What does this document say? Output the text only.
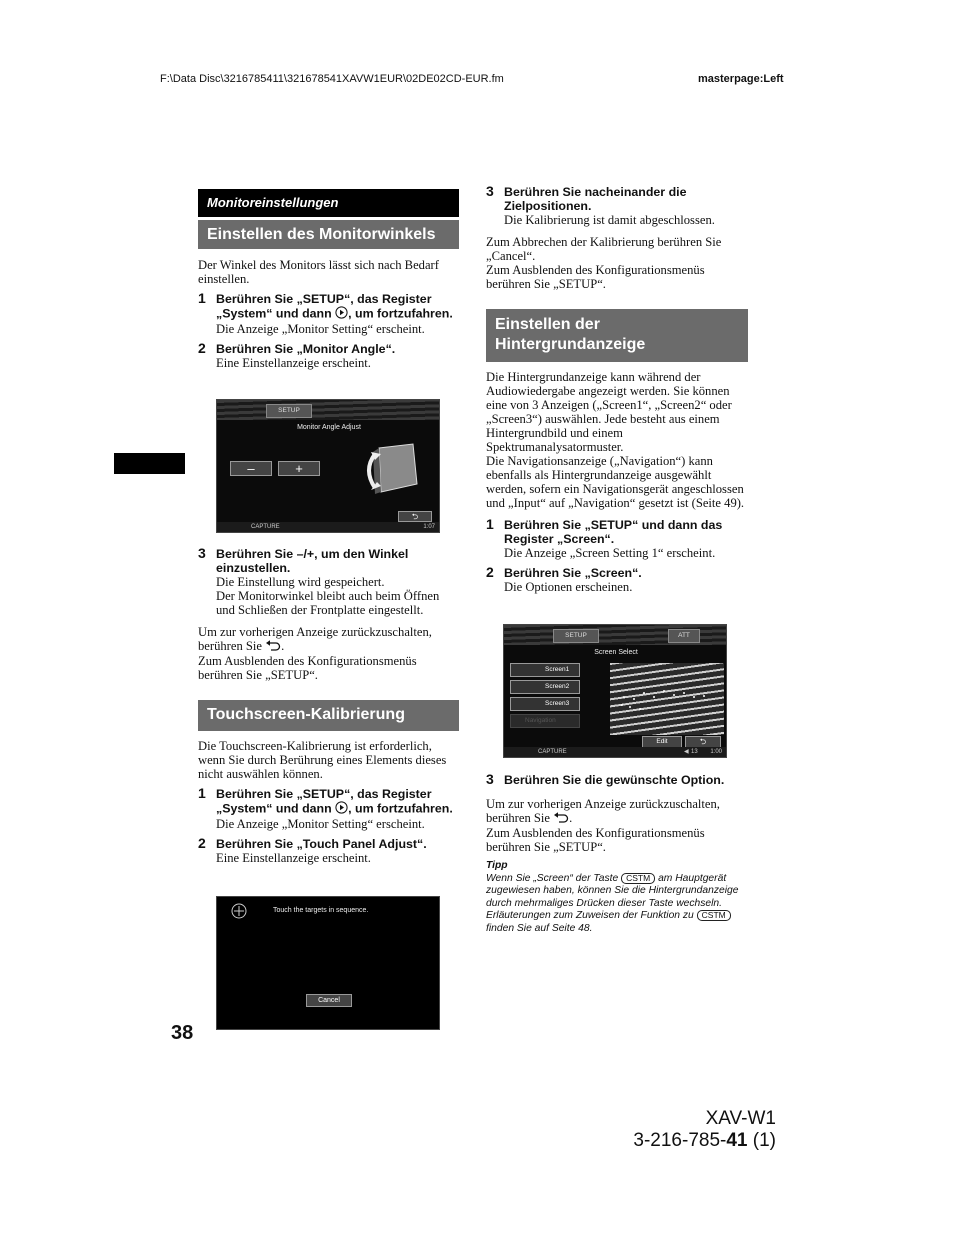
F:\Data Disc\3216785411\321678541XAVW1EUR\02DE02CD-EUR.fm	masterpage:Left
Monitoreinstellungen
Einstellen des Monitorwinkels
Der Winkel des Monitors lässt sich nach Bedarf einstellen.
1 Berühren Sie „SETUP“, das Register „System“ und dann , um fortzufahren.
Die Anzeige „Monitor Setting“ erscheint.
2 Berühren Sie „Monitor Angle“.
Eine Einstellanzeige erscheint.
SETUP
Monitor Angle Adjust
–	+
⮌
CAPTURE	1:07
3 Berühren Sie –/+, um den Winkel einzustellen.
Die Einstellung wird gespeichert.
Der Monitorwinkel bleibt auch beim Öffnen und Schließen der Frontplatte eingestellt.
Um zur vorherigen Anzeige zurückzuschalten, berühren Sie .
Zum Ausblenden des Konfigurationsmenüs berühren Sie „SETUP“.
Touchscreen-Kalibrierung
Die Touchscreen-Kalibrierung ist erforderlich, wenn Sie durch Berührung eines Elements dieses nicht auswählen können.
1 Berühren Sie „SETUP“, das Register „System“ und dann , um fortzufahren.
Die Anzeige „Monitor Setting“ erscheint.
2 Berühren Sie „Touch Panel Adjust“.
Eine Einstellanzeige erscheint.
Touch the targets in sequence.
Cancel
38
3 Berühren Sie nacheinander die Zielpositionen.
Die Kalibrierung ist damit abgeschlossen.
Zum Abbrechen der Kalibrierung berühren Sie „Cancel“.
Zum Ausblenden des Konfigurationsmenüs berühren Sie „SETUP“.
Einstellen der
Hintergrundanzeige
Die Hintergrundanzeige kann während der Audiowiedergabe angezeigt werden. Sie können eine von 3 Anzeigen („Screen1“, „Screen2“ oder „Screen3“) auswählen. Jede besteht aus einem Hintergrundbild und einem Spektrumanalysatormuster.
Die Navigationsanzeige („Navigation“) kann ebenfalls als Hintergrundanzeige ausgewählt werden, sofern ein Navigationsgerät angeschlossen und „Input“ auf „Navigation“ gesetzt ist (Seite 49).
1 Berühren Sie „SETUP“ und dann das Register „Screen“.
Die Anzeige „Screen Setting 1“ erscheint.
2 Berühren Sie „Screen“.
Die Optionen erscheinen.
SETUP	ATT
Screen Select
Screen1
Screen2
Screen3
Navigation
Edit	⮌
CAPTURE	◀ 13 1:00
3 Berühren Sie die gewünschte Option.
Um zur vorherigen Anzeige zurückzuschalten, berühren Sie .
Zum Ausblenden des Konfigurationsmenüs berühren Sie „SETUP“.
Tipp
Wenn Sie „Screen“ der Taste CSTM am Hauptgerät zugewiesen haben, können Sie die Hintergrundanzeige durch mehrmaliges Drücken dieser Taste wechseln. Erläuterungen zum Zuweisen der Funktion zu CSTM finden Sie auf Seite 48.
XAV-W1
3-216-785-41 (1)
